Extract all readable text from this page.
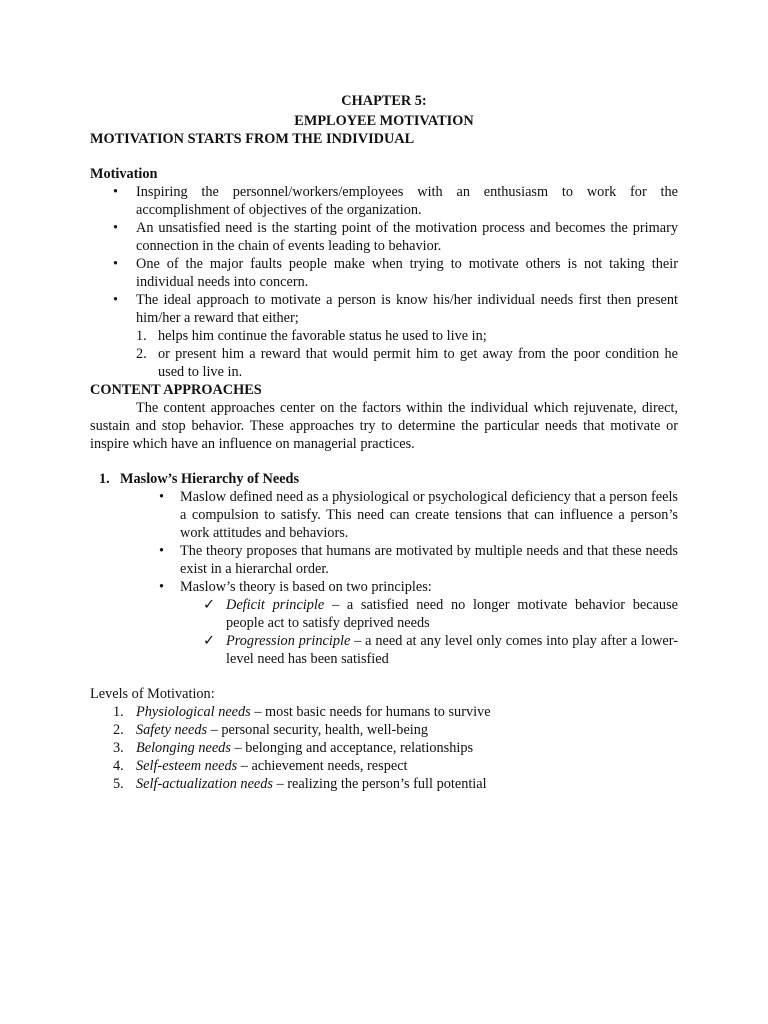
CHAPTER 5:
EMPLOYEE MOTIVATION
MOTIVATION STARTS FROM THE INDIVIDUAL
Motivation
• Inspiring the personnel/workers/employees with an enthusiasm to work for the accomplishment of objectives of the organization.
• An unsatisfied need is the starting point of the motivation process and becomes the primary connection in the chain of events leading to behavior.
• One of the major faults people make when trying to motivate others is not taking their individual needs into concern.
• The ideal approach to motivate a person is know his/her individual needs first then present him/her a reward that either;
1. helps him continue the favorable status he used to live in;
2. or present him a reward that would permit him to get away from the poor condition he used to live in.
CONTENT APPROACHES

The content approaches center on the factors within the individual which rejuvenate, direct, sustain and stop behavior. These approaches try to determine the particular needs that motivate or inspire which have an influence on managerial practices.

1. Maslow’s Hierarchy of Needs
• Maslow defined need as a physiological or psychological deficiency that a person feels a compulsion to satisfy. This need can create tensions that can influence a person’s work attitudes and behaviors.
• The theory proposes that humans are motivated by multiple needs and that these needs exist in a hierarchal order.
• Maslow’s theory is based on two principles:
✓ Deficit principle – a satisfied need no longer motivate behavior because people act to satisfy deprived needs
✓ Progression principle – a need at any level only comes into play after a lower-level need has been satisfied
Levels of Motivation:
1. Physiological needs – most basic needs for humans to survive
2. Safety needs – personal security, health, well-being
3. Belonging needs – belonging and acceptance, relationships
4. Self-esteem needs – achievement needs, respect
5. Self-actualization needs – realizing the person’s full potential
